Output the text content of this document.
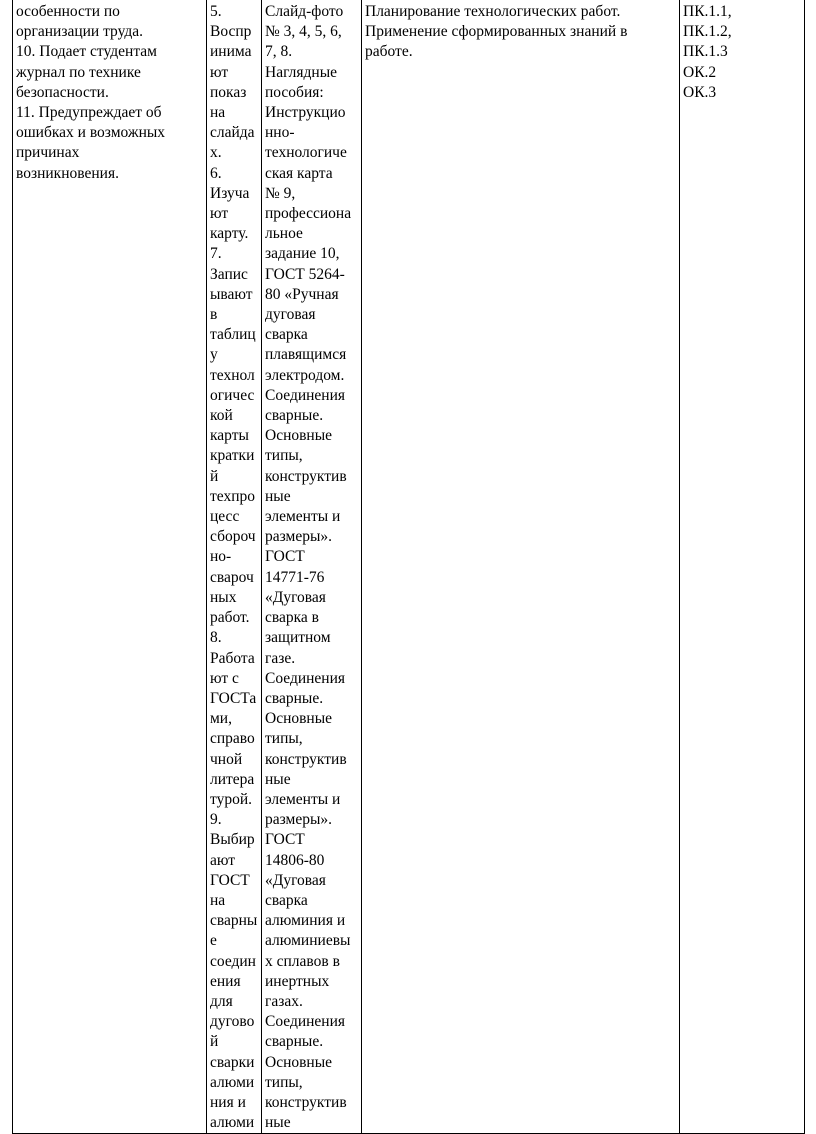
особенности по
организации труда.
10. Подает студентам
журнал по технике
безопасности.
11. Предупреждает об
ошибках и возможных
причинах
возникновения.

5.
Воспр
инима
ют
показ
на
слайда
х.
6.
Изуча
ют
карту.
7.
Запис
ывают
в
таблиц
у
технол
огичес
кой
карты
кратки
й
техпро
цесс
сбороч
но-
свароч
ных
работ.
8.
Работа
ют с
ГОСТа
ми,
справо
чной
литера
турой.
9.
Выбир
ают
ГОСТ
на
сварны
е
соедин
ения
для
дугово
й
сварки
алюми
ния и
алюми

Слайд-фото
№ 3, 4, 5, 6,
7, 8.
Наглядные
пособия:
Инструкцио
нно-
технологиче
ская карта
№ 9,
профессиона
льное
задание 10,
ГОСТ 5264-
80 «Ручная
дуговая
сварка
плавящимся
электродом.
Соединения
сварные.
Основные
типы,
конструктив
ные
элементы и
размеры».
ГОСТ
14771-76
«Дуговая
сварка в
защитном
газе.
Соединения
сварные.
Основные
типы,
конструктив
ные
элементы и
размеры».
ГОСТ
14806-80
«Дуговая
сварка
алюминия и
алюминиевы
х сплавов в
инертных
газах.
Соединения
сварные.
Основные
типы,
конструктив
ные

Планирование технологических работ.
Применение сформированных знаний в
работе.

ПК.1.1,
ПК.1.2,
ПК.1.3
ОК.2
ОК.3
